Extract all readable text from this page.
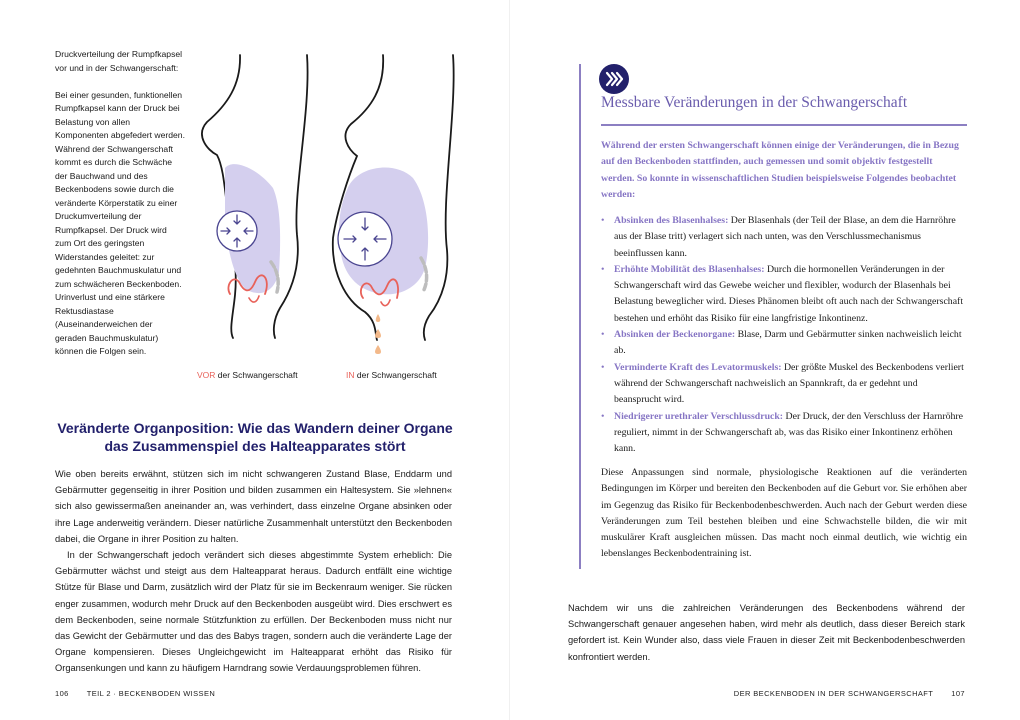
Druckverteilung der Rumpfkapsel vor und in der Schwangerschaft:

Bei einer gesunden, funktionellen Rumpfkapsel kann der Druck bei Belastung von allen Komponenten abgefedert werden. Während der Schwangerschaft kommt es durch die Schwäche der Bauchwand und des Beckenbodens sowie durch die veränderte Körperstatik zu einer Druckumverteilung der Rumpfkapsel. Der Druck wird zum Ort des geringsten Widerstandes geleitet: zur gedehnten Bauchmuskulatur und zum schwächeren Beckenboden. Urinverlust und eine stärkere Rektusdiastase (Auseinanderweichen der geraden Bauchmuskulatur) können die Folgen sein.

VOR der Schwangerschaft	IN der Schwangerschaft
Veränderte Organposition: Wie das Wandern deiner Organe
das Zusammenspiel des Halteapparates stört

Wie oben bereits erwähnt, stützen sich im nicht schwangeren Zustand Blase, Enddarm und Gebärmutter gegenseitig in ihrer Position und bilden zusammen ein Haltesystem. Sie »lehnen« sich also gewissermaßen aneinander an, was verhindert, dass einzelne Organe absinken oder ihre Lage anderweitig verändern. Dieser natürliche Zusammenhalt unterstützt den Beckenboden dabei, die Organe in ihrer Position zu halten.

In der Schwangerschaft jedoch verändert sich dieses abgestimmte System erheblich: Die Gebärmutter wächst und steigt aus dem Halteapparat heraus. Dadurch entfällt eine wichtige Stütze für Blase und Darm, zusätzlich wird der Platz für sie im Beckenraum weniger. Sie rücken enger zusammen, wodurch mehr Druck auf den Beckenboden ausgeübt wird. Dies erschwert es dem Beckenboden, seine normale Stützfunktion zu erfüllen. Der Beckenboden muss nicht nur das Gewicht der Gebärmutter und das des Babys tragen, sondern auch die veränderte Lage der Organe kompensieren. Dieses Ungleichgewicht im Halteapparat erhöht das Risiko für Organsenkungen und kann zu häufigem Harndrang sowie Verdauungsproblemen führen.

106 TEIL 2 · BECKENBODEN WISSEN
Messbare Veränderungen in der Schwangerschaft
Während der ersten Schwangerschaft können einige der Veränderungen, die in Bezug auf den Beckenboden stattfinden, auch gemessen und somit objektiv festgestellt werden. So konnte in wissenschaftlichen Studien beispielsweise Folgendes beobachtet werden:
• Absinken des Blasenhalses: Der Blasenhals (der Teil der Blase, an dem die Harnröhre aus der Blase tritt) verlagert sich nach unten, was den Verschlussmechanismus beeinflussen kann.
• Erhöhte Mobilität des Blasenhalses: Durch die hormonellen Veränderungen in der Schwangerschaft wird das Gewebe weicher und flexibler, wodurch der Blasenhals bei Belastung beweglicher wird. Dieses Phänomen bleibt oft auch nach der Schwangerschaft bestehen und erhöht das Risiko für eine langfristige Inkontinenz.
• Absinken der Beckenorgane: Blase, Darm und Gebärmutter sinken nachweislich leicht ab.
• Verminderte Kraft des Levatormuskels: Der größte Muskel des Beckenbodens verliert während der Schwangerschaft nachweislich an Spannkraft, da er gedehnt und beansprucht wird.
• Niedrigerer urethraler Verschlussdruck: Der Druck, der den Verschluss der Harnröhre reguliert, nimmt in der Schwangerschaft ab, was das Risiko einer Inkontinenz erhöhen kann.
Diese Anpassungen sind normale, physiologische Reaktionen auf die veränderten Bedingungen im Körper und bereiten den Beckenboden auf die Geburt vor. Sie erhöhen aber im Gegenzug das Risiko für Beckenbodenbeschwerden. Auch nach der Geburt werden diese Veränderungen zum Teil bestehen bleiben und eine Schwachstelle bilden, die wir mit muskulärer Kraft ausgleichen müssen. Das macht noch einmal deutlich, wie wichtig ein lebenslanges Beckenbodentraining ist.
Nachdem wir uns die zahlreichen Veränderungen des Beckenbodens während der Schwangerschaft genauer angesehen haben, wird mehr als deutlich, dass dieser Bereich stark gefordert ist. Kein Wunder also, dass viele Frauen in dieser Zeit mit Beckenbodenbeschwerden konfrontiert werden.
DER BECKENBODEN IN DER SCHWANGERSCHAFT 107
